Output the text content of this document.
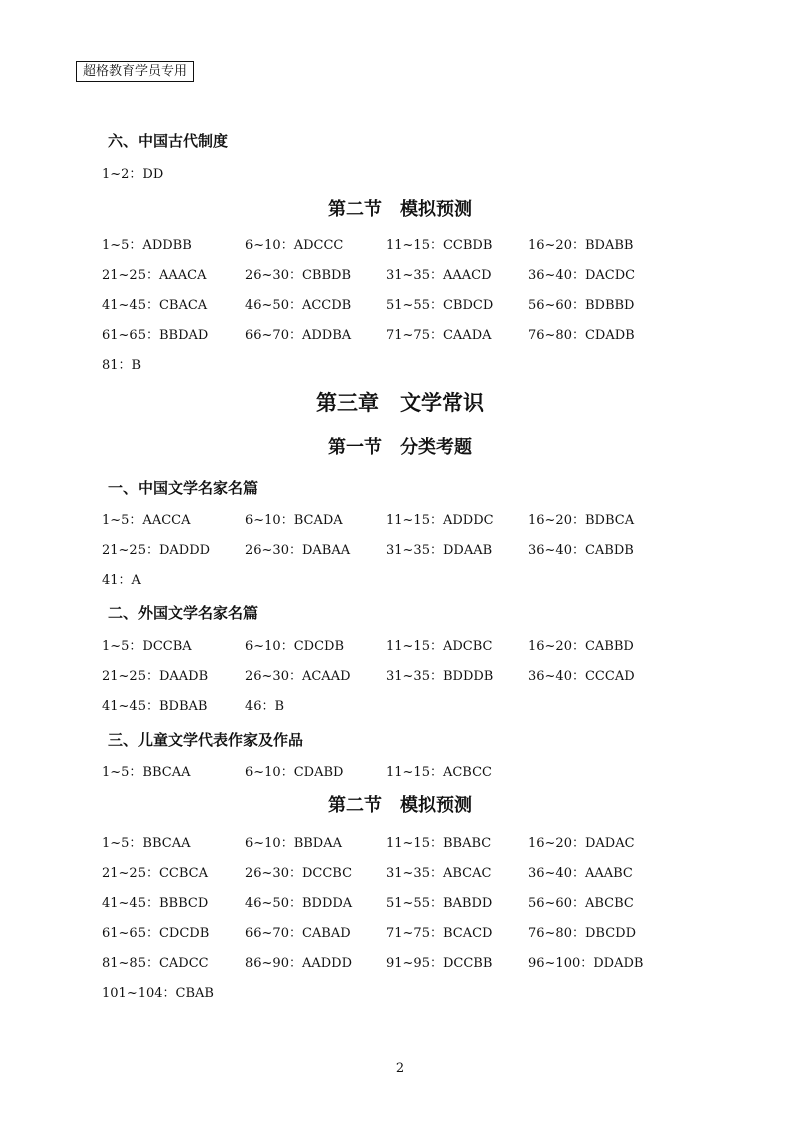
超格教育学员专用
六、中国古代制度
1~2：DD
第二节　模拟预测
1~5：ADDBB	6~10：ADCCC	11~15：CCBDB	16~20：BDABB
21~25：AAACA	26~30：CBBDB	31~35：AAACD	36~40：DACDC
41~45：CBACA	46~50：ACCDB	51~55：CBDCD	56~60：BDBBD
61~65：BBDAD	66~70：ADDBA	71~75：CAADA	76~80：CDADB
81：B
第三章　文学常识
第一节　分类考题
一、中国文学名家名篇
1~5：AACCA	6~10：BCADA	11~15：ADDDC	16~20：BDBCA
21~25：DADDD	26~30：DABAA	31~35：DDAAB	36~40：CABDB
41：A
二、外国文学名家名篇
1~5：DCCBA	6~10：CDCDB	11~15：ADCBC	16~20：CABBD
21~25：DAADB	26~30：ACAAD	31~35：BDDDB	36~40：CCCAD
41~45：BDBAB	46：B
三、儿童文学代表作家及作品
1~5：BBCAA	6~10：CDABD	11~15：ACBCC
第二节　模拟预测
1~5：BBCAA	6~10：BBDAA	11~15：BBABC	16~20：DADAC
21~25：CCBCA	26~30：DCCBC	31~35：ABCAC	36~40：AAABC
41~45：BBBCD	46~50：BDDDA	51~55：BABDD	56~60：ABCBC
61~65：CDCDB	66~70：CABAD	71~75：BCACD	76~80：DBCDD
81~85：CADCC	86~90：AADDD	91~95：DCCBB	96~100：DDADB
101~104：CBAB
2
